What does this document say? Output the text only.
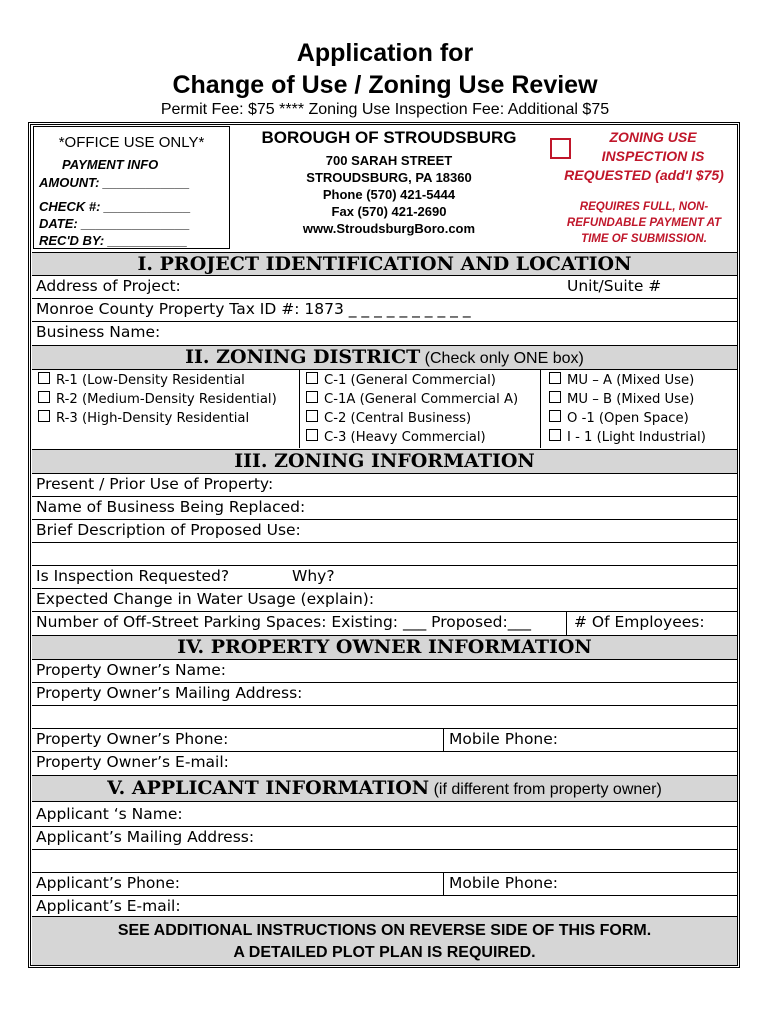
Application for
Change of Use / Zoning Use Review
Permit Fee: $75 **** Zoning Use Inspection Fee: Additional $75
*OFFICE USE ONLY*
PAYMENT INFO
AMOUNT: ____________
CHECK #: ____________
DATE: _______________
REC'D BY: ___________
BOROUGH OF STROUDSBURG
700 SARAH STREET
STROUDSBURG, PA 18360
Phone (570) 421-5444
Fax (570) 421-2690
www.StroudsburgBoro.com
ZONING USE
INSPECTION IS
REQUESTED (add'l $75)
REQUIRES FULL, NON-
REFUNDABLE PAYMENT AT
TIME OF SUBMISSION.
I. PROJECT IDENTIFICATION AND LOCATION
Address of Project:	Unit/Suite #
Monroe County Property Tax ID #: 1873 _ _ _ _ _ _ _ _ _ _
Business Name:
II. ZONING DISTRICT (Check only ONE box)
R-1 (Low-Density Residential
R-2 (Medium-Density Residential)
R-3 (High-Density Residential
C-1 (General Commercial)
C-1A (General Commercial A)
C-2 (Central Business)
C-3 (Heavy Commercial)
MU – A (Mixed Use)
MU – B (Mixed Use)
O -1 (Open Space)
I - 1 (Light Industrial)
III. ZONING INFORMATION
Present / Prior Use of Property:
Name of Business Being Replaced:
Brief Description of Proposed Use:
Is Inspection Requested?	Why?
Expected Change in Water Usage (explain):
Number of Off-Street Parking Spaces: Existing: ___ Proposed:___	# Of Employees:
IV. PROPERTY OWNER INFORMATION
Property Owner’s Name:
Property Owner’s Mailing Address:
Property Owner’s Phone:	Mobile Phone:
Property Owner’s E-mail:
V. APPLICANT INFORMATION (if different from property owner)
Applicant ‘s Name:
Applicant’s Mailing Address:
Applicant’s Phone:	Mobile Phone:
Applicant’s E-mail:
SEE ADDITIONAL INSTRUCTIONS ON REVERSE SIDE OF THIS FORM.
A DETAILED PLOT PLAN IS REQUIRED.
